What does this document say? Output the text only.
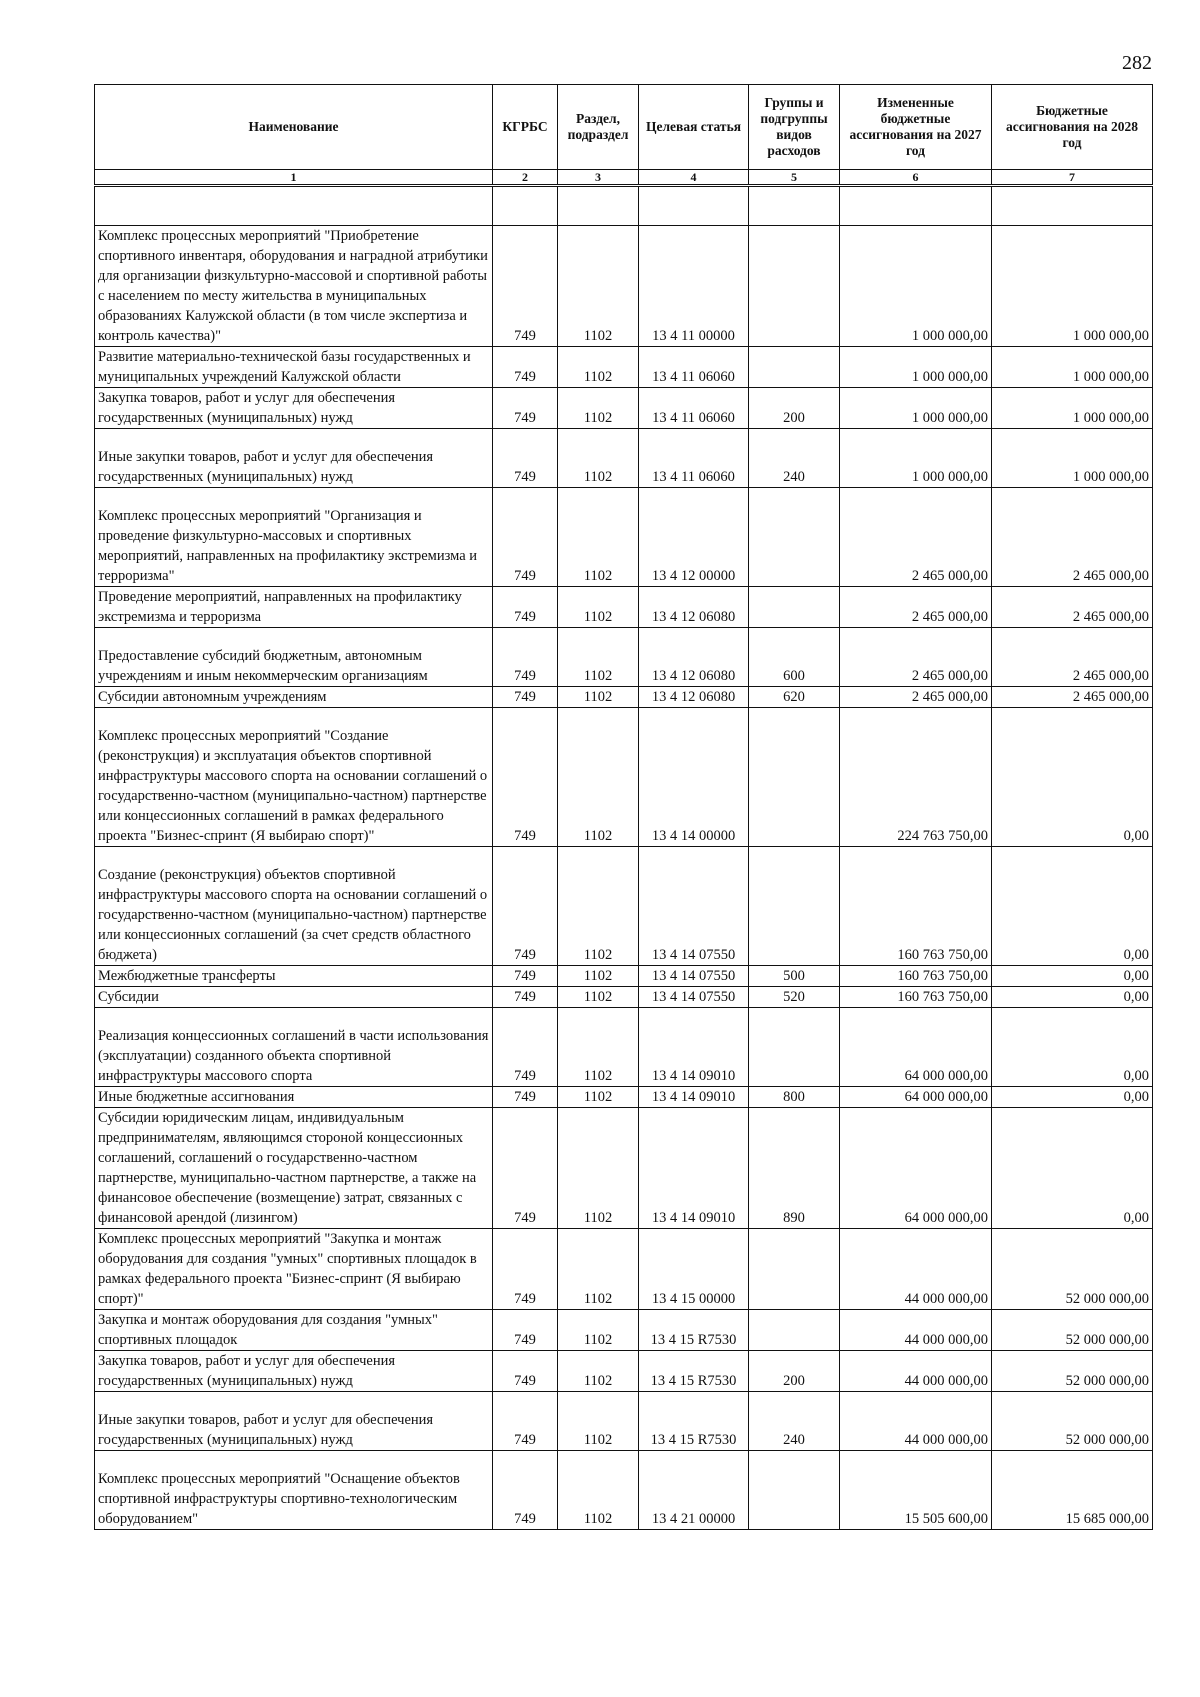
282
Наименование	КГРБС	Раздел, подраздел	Целевая статья	Группы и подгруппы видов расходов	Измененные бюджетные ассигнования на 2027 год	Бюджетные ассигнования на 2028 год
1	2	3	4	5	6	7

Комплекс процессных мероприятий "Приобретение спортивного инвентаря, оборудования и наградной атрибутики для организации физкультурно-массовой и спортивной работы с населением по месту жительства в муниципальных образованиях Калужской области (в том числе экспертиза и контроль качества)"	749	1102	13 4 11 00000		1 000 000,00	1 000 000,00
Развитие материально-технической базы государственных и муниципальных учреждений Калужской области	749	1102	13 4 11 06060		1 000 000,00	1 000 000,00
Закупка товаров, работ и услуг для обеспечения государственных (муниципальных) нужд	749	1102	13 4 11 06060	200	1 000 000,00	1 000 000,00
Иные закупки товаров, работ и услуг для обеспечения государственных (муниципальных) нужд	749	1102	13 4 11 06060	240	1 000 000,00	1 000 000,00
Комплекс процессных мероприятий "Организация и проведение физкультурно-массовых и спортивных мероприятий, направленных на профилактику экстремизма и терроризма"	749	1102	13 4 12 00000		2 465 000,00	2 465 000,00
Проведение мероприятий, направленных на профилактику экстремизма и терроризма	749	1102	13 4 12 06080		2 465 000,00	2 465 000,00
Предоставление субсидий бюджетным, автономным учреждениям и иным некоммерческим организациям	749	1102	13 4 12 06080	600	2 465 000,00	2 465 000,00
Субсидии автономным учреждениям	749	1102	13 4 12 06080	620	2 465 000,00	2 465 000,00
Комплекс процессных мероприятий "Создание (реконструкция) и эксплуатация объектов спортивной инфраструктуры массового спорта на основании соглашений о государственно-частном (муниципально-частном) партнерстве или концессионных соглашений в рамках федерального проекта "Бизнес-спринт (Я выбираю спорт)"	749	1102	13 4 14 00000		224 763 750,00	0,00
Создание (реконструкция) объектов спортивной инфраструктуры массового спорта на основании соглашений о государственно-частном (муниципально-частном) партнерстве или концессионных соглашений (за счет средств областного бюджета)	749	1102	13 4 14 07550		160 763 750,00	0,00
Межбюджетные трансферты	749	1102	13 4 14 07550	500	160 763 750,00	0,00
Субсидии	749	1102	13 4 14 07550	520	160 763 750,00	0,00
Реализация концессионных соглашений в части использования (эксплуатации) созданного объекта спортивной инфраструктуры массового спорта	749	1102	13 4 14 09010		64 000 000,00	0,00
Иные бюджетные ассигнования	749	1102	13 4 14 09010	800	64 000 000,00	0,00
Субсидии юридическим лицам, индивидуальным предпринимателям, являющимся стороной концессионных соглашений, соглашений о государственно-частном партнерстве, муниципально-частном партнерстве, а также на финансовое обеспечение (возмещение) затрат, связанных с финансовой арендой (лизингом)	749	1102	13 4 14 09010	890	64 000 000,00	0,00
Комплекс процессных мероприятий "Закупка и монтаж оборудования для создания "умных" спортивных площадок в рамках федерального проекта "Бизнес-спринт (Я выбираю спорт)"	749	1102	13 4 15 00000		44 000 000,00	52 000 000,00
Закупка и монтаж оборудования для создания "умных" спортивных площадок	749	1102	13 4 15 R7530		44 000 000,00	52 000 000,00
Закупка товаров, работ и услуг для обеспечения государственных (муниципальных) нужд	749	1102	13 4 15 R7530	200	44 000 000,00	52 000 000,00
Иные закупки товаров, работ и услуг для обеспечения государственных (муниципальных) нужд	749	1102	13 4 15 R7530	240	44 000 000,00	52 000 000,00
Комплекс процессных мероприятий "Оснащение объектов спортивной инфраструктуры спортивно-технологическим оборудованием"	749	1102	13 4 21 00000		15 505 600,00	15 685 000,00
